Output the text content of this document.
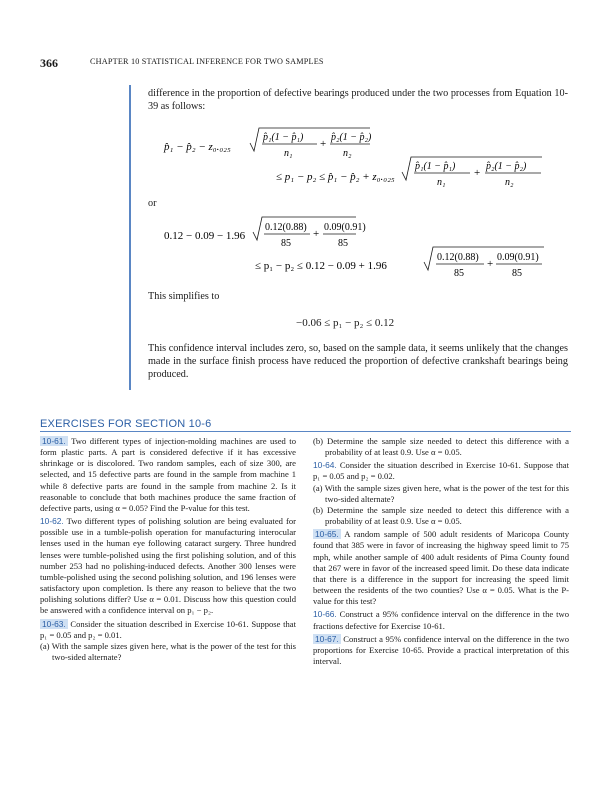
366	CHAPTER 10 STATISTICAL INFERENCE FOR TWO SAMPLES
difference in the proportion of defective bearings produced under the two processes from Equation 10-39 as follows:
p̂₁ − p̂₂ − z₀.₀₂₅
p̂₁(1 − p̂₁)
n₁
+
p̂₂(1 − p̂₂)
n₂
≤ p₁ − p₂ ≤ p̂₁ − p̂₂ + z₀.₀₂₅
p̂₁(1 − p̂₁)
n₁
+
p̂₂(1 − p̂₂)
n₂
or
0.12 − 0.09 − 1.96
0.12(0.88)
85
+
0.09(0.91)
85
≤ p₁ − p₂ ≤ 0.12 − 0.09 + 1.96
0.12(0.88)
85
+
0.09(0.91)
85
This simplifies to
−0.06 ≤ p₁ − p₂ ≤ 0.12
This confidence interval includes zero, so, based on the sample data, it seems unlikely that the changes made in the surface finish process have reduced the proportion of defective crankshaft bearings being produced.
EXERCISES FOR SECTION 10-6

10-61. Two different types of injection-molding machines are used to form plastic parts. A part is considered defective if it has excessive shrinkage or is discolored. Two random samples, each of size 300, are selected, and 15 defective parts are found in the sample from machine 1 while 8 defective parts are found in the sample from machine 2. Is it reasonable to conclude that both machines produce the same fraction of defective parts, using α = 0.05? Find the P-value for this test.

10-62. Two different types of polishing solution are being evaluated for possible use in a tumble-polish operation for manufacturing interocular lenses used in the human eye following cataract surgery. Three hundred lenses were tumble-polished using the first polishing solution, and of this number 253 had no polishing-induced defects. Another 300 lenses were tumble-polished using the second polishing solution, and 196 lenses were satisfactory upon completion. Is there any reason to believe that the two polishing solutions differ? Use α = 0.01. Discuss how this question could be answered with a confidence interval on p₁ − p₂.

10-63. Consider the situation described in Exercise 10-61. Suppose that p₁ = 0.05 and p₂ = 0.01.
(a) With the sample sizes given here, what is the power of the test for this two-sided alternate?

(b) Determine the sample size needed to detect this difference with a probability of at least 0.9. Use α = 0.05.

10-64. Consider the situation described in Exercise 10-61. Suppose that p₁ = 0.05 and p₂ = 0.02.
(a) With the sample sizes given here, what is the power of the test for this two-sided alternate?
(b) Determine the sample size needed to detect this difference with a probability of at least 0.9. Use α = 0.05.

10-65. A random sample of 500 adult residents of Maricopa County found that 385 were in favor of increasing the highway speed limit to 75 mph, while another sample of 400 adult residents of Pima County found that 267 were in favor of the increased speed limit. Do these data indicate that there is a difference in the support for increasing the speed limit between the residents of the two counties? Use α = 0.05. What is the P-value for this test?

10-66. Construct a 95% confidence interval on the difference in the two fractions defective for Exercise 10-61.

10-67. Construct a 95% confidence interval on the difference in the two proportions for Exercise 10-65. Provide a practical interpretation of this interval.
